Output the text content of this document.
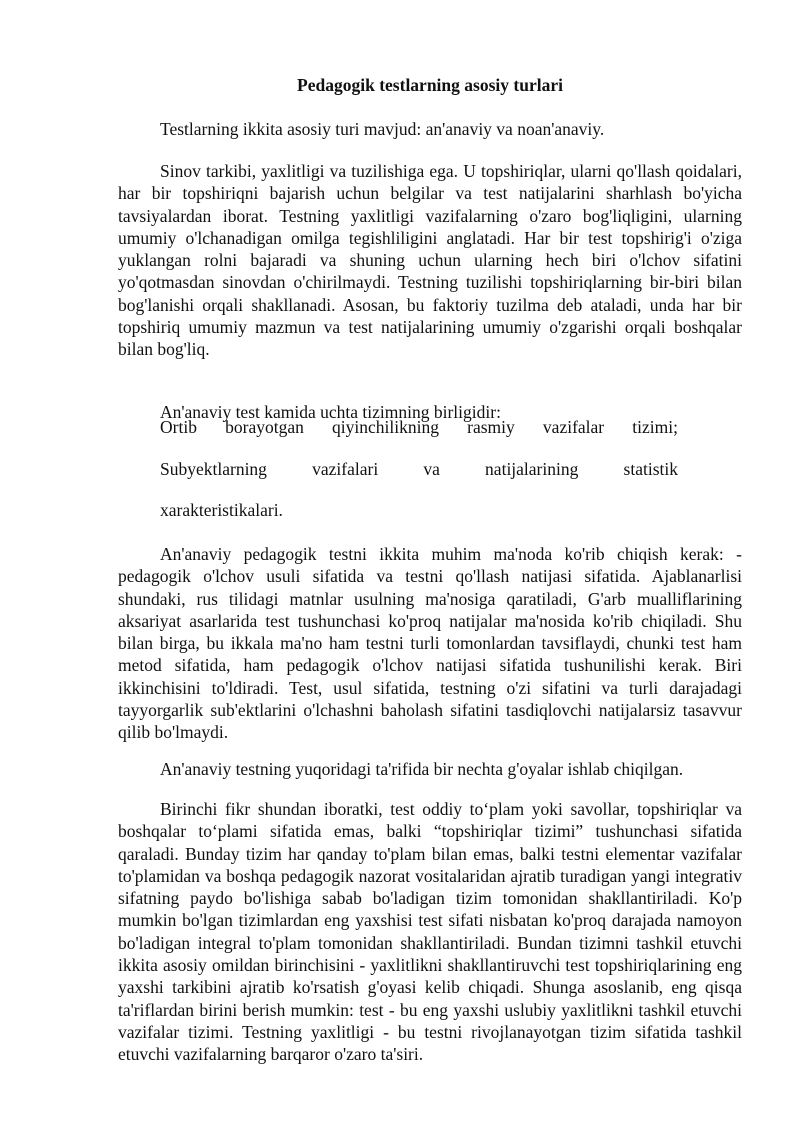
Pedagogik testlarning asosiy turlari

Testlarning ikkita asosiy turi mavjud: an'anaviy va noan'anaviy.

Sinov tarkibi, yaxlitligi va tuzilishiga ega. U topshiriqlar, ularni qo'llash qoidalari, har bir topshiriqni bajarish uchun belgilar va test natijalarini sharhlash bo'yicha tavsiyalardan iborat. Testning yaxlitligi vazifalarning o'zaro bog'liqligini, ularning umumiy o'lchanadigan omilga tegishliligini anglatadi. Har bir test topshirig'i o'ziga yuklangan rolni bajaradi va shuning uchun ularning hech biri o'lchov sifatini yo'qotmasdan sinovdan o'chirilmaydi. Testning tuzilishi topshiriqlarning bir-biri bilan bog'lanishi orqali shakllanadi. Asosan, bu faktoriy tuzilma deb ataladi, unda har bir topshiriq umumiy mazmun va test natijalarining umumiy o'zgarishi orqali boshqalar bilan bog'liq.

An'anaviy test kamida uchta tizimning birligidir:

Ortib borayotgan qiyinchilikning rasmiy vazifalar tizimi;

Subyektlarning vazifalari va natijalarining statistik

xarakteristikalari.

An'anaviy pedagogik testni ikkita muhim ma'noda ko'rib chiqish kerak: - pedagogik o'lchov usuli sifatida va testni qo'llash natijasi sifatida. Ajablanarlisi shundaki, rus tilidagi matnlar usulning ma'nosiga qaratiladi, G'arb mualliflarining aksariyat asarlarida test tushunchasi ko'proq natijalar ma'nosida ko'rib chiqiladi. Shu bilan birga, bu ikkala ma'no ham testni turli tomonlardan tavsiflaydi, chunki test ham metod sifatida, ham pedagogik o'lchov natijasi sifatida tushunilishi kerak. Biri ikkinchisini to'ldiradi. Test, usul sifatida, testning o'zi sifatini va turli darajadagi tayyorgarlik sub'ektlarini o'lchashni baholash sifatini tasdiqlovchi natijalarsiz tasavvur qilib bo'lmaydi.

An'anaviy testning yuqoridagi ta'rifida bir nechta g'oyalar ishlab chiqilgan.

Birinchi fikr shundan iboratki, test oddiy to‘plam yoki savollar, topshiriqlar va boshqalar to‘plami sifatida emas, balki “topshiriqlar tizimi” tushunchasi sifatida qaraladi. Bunday tizim har qanday to'plam bilan emas, balki testni elementar vazifalar to'plamidan va boshqa pedagogik nazorat vositalaridan ajratib turadigan yangi integrativ sifatning paydo bo'lishiga sabab bo'ladigan tizim tomonidan shakllantiriladi. Ko'p mumkin bo'lgan tizimlardan eng yaxshisi test sifati nisbatan ko'proq darajada namoyon bo'ladigan integral to'plam tomonidan shakllantiriladi. Bundan tizimni tashkil etuvchi ikkita asosiy omildan birinchisini - yaxlitlikni shakllantiruvchi test topshiriqlarining eng yaxshi tarkibini ajratib ko'rsatish g'oyasi kelib chiqadi. Shunga asoslanib, eng qisqa ta'riflardan birini berish mumkin: test - bu eng yaxshi uslubiy yaxlitlikni tashkil etuvchi vazifalar tizimi. Testning yaxlitligi - bu testni rivojlanayotgan tizim sifatida tashkil etuvchi vazifalarning barqaror o'zaro ta'siri.
